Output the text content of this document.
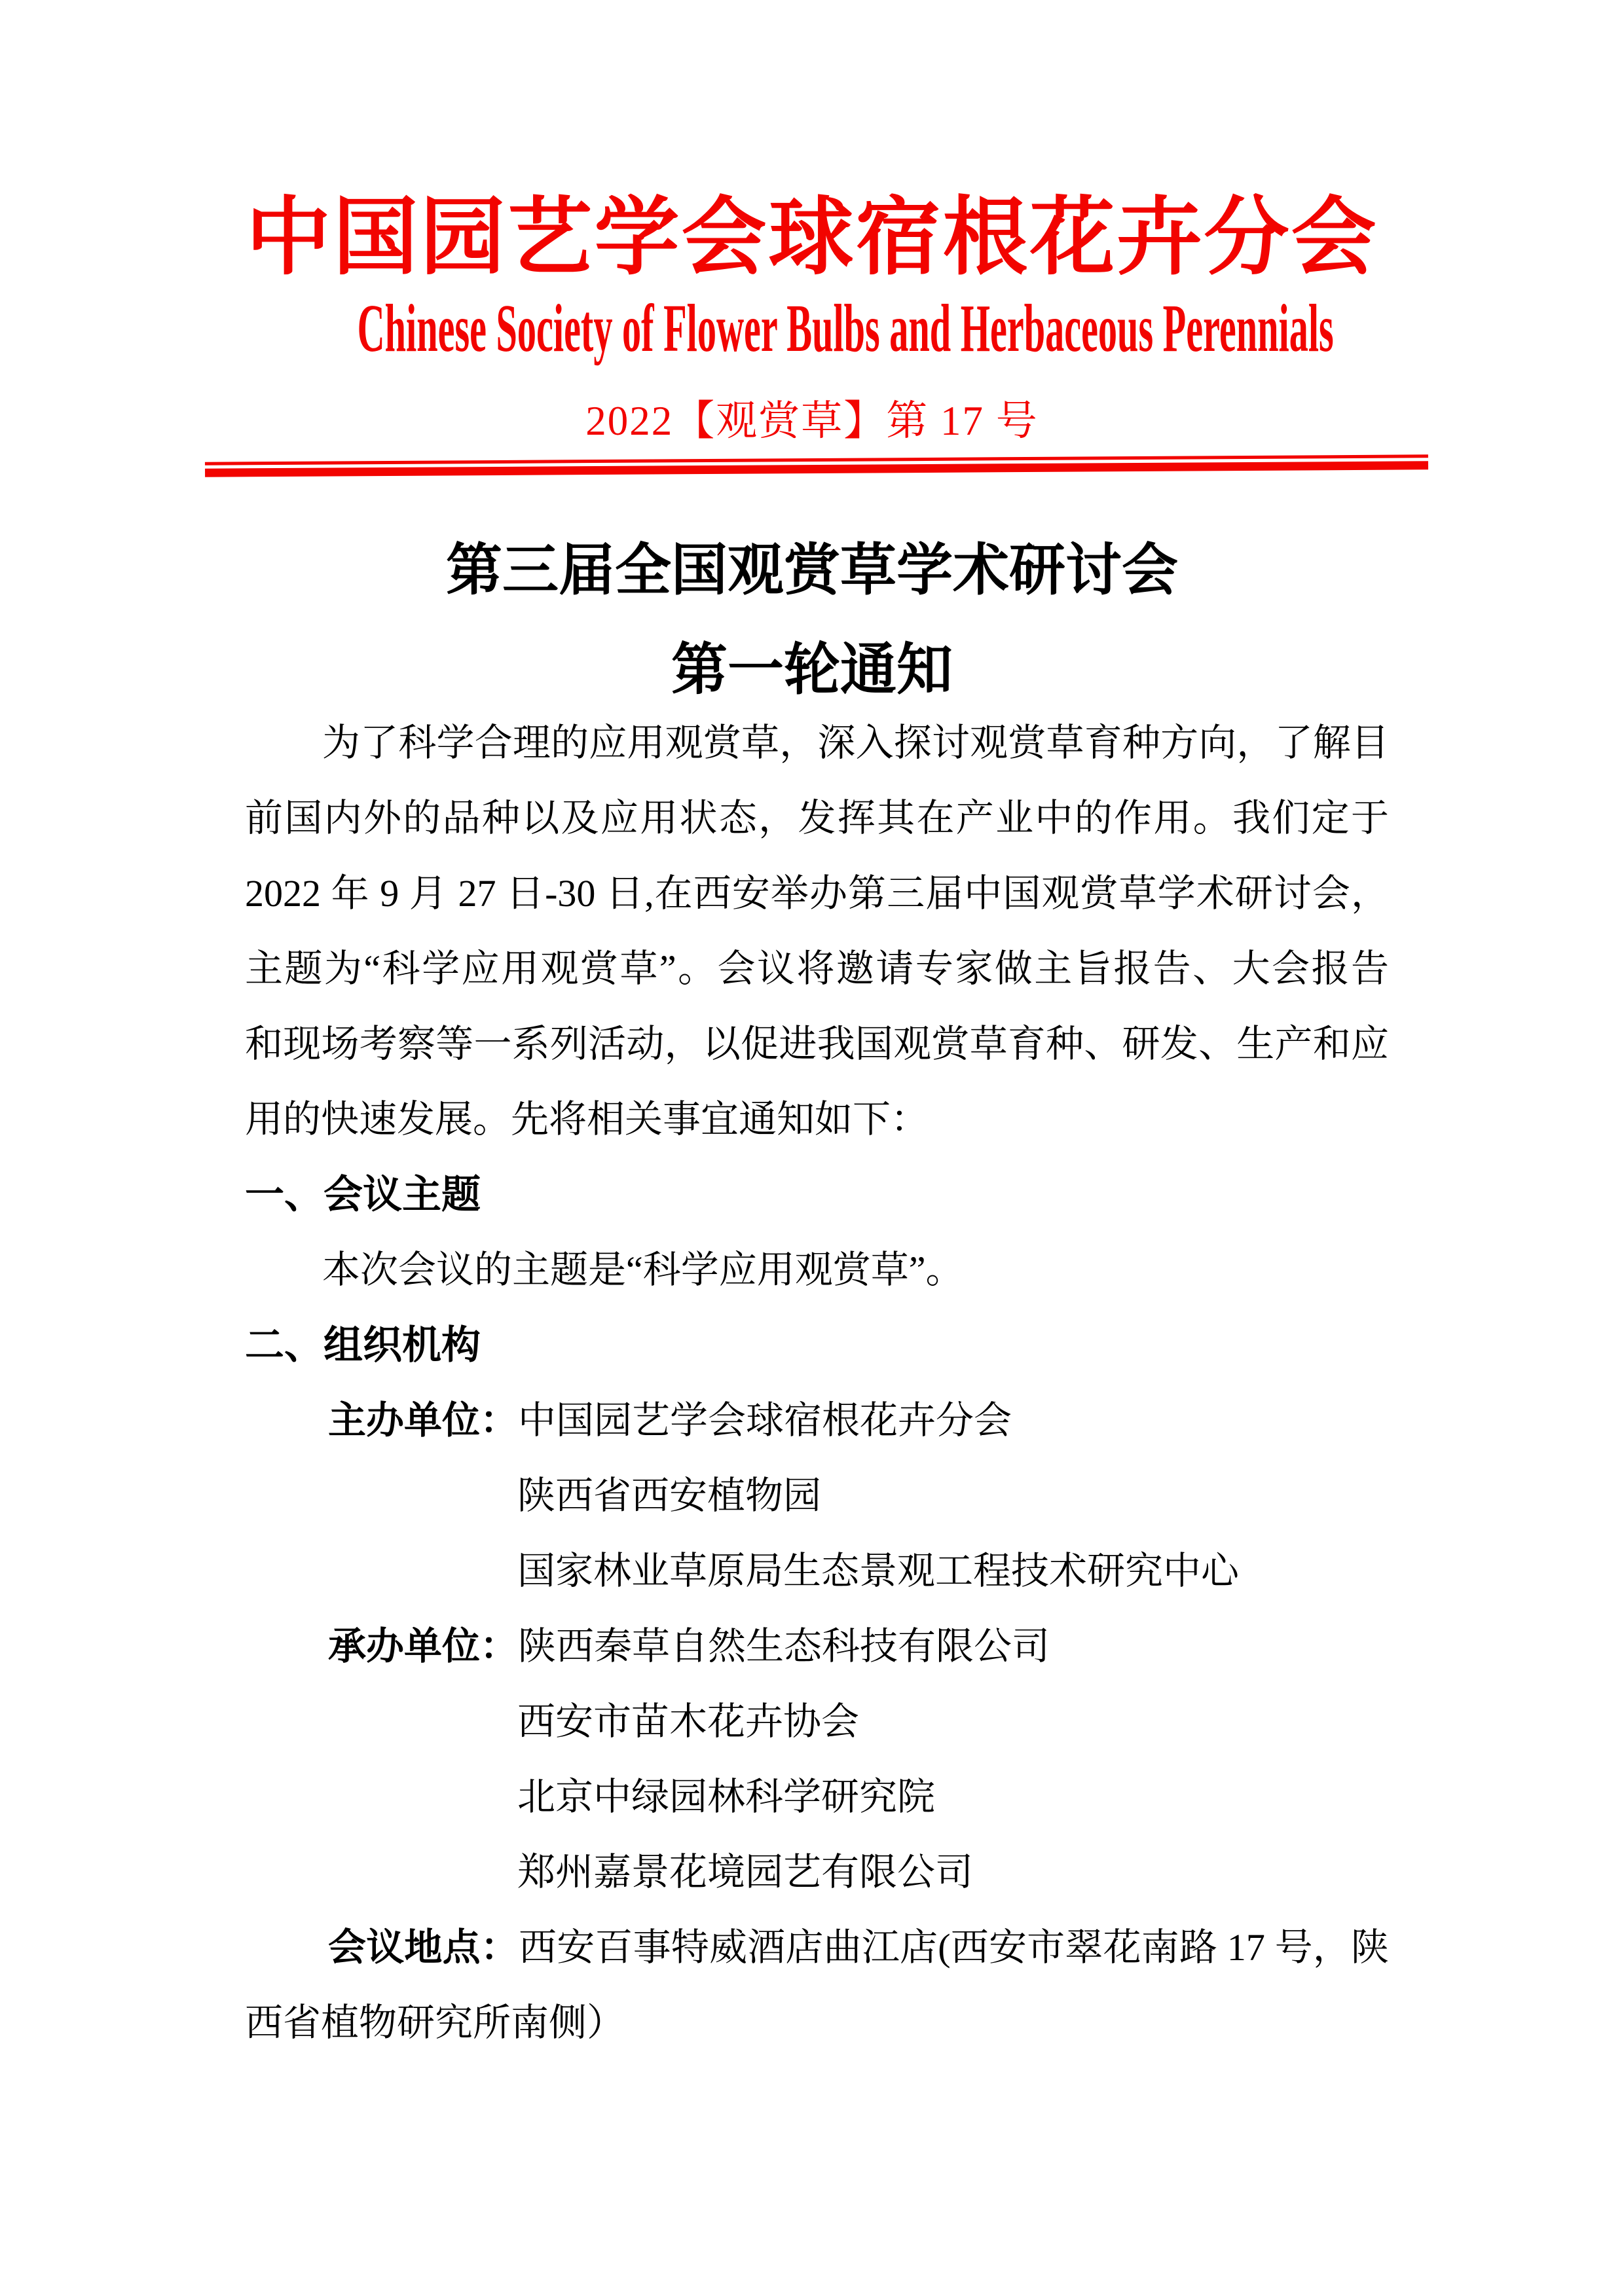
中国园艺学会球宿根花卉分会
Chinese Society of Flower Bulbs and Herbaceous Perennials
2022【观赏草】第 17 号
第三届全国观赏草学术研讨会
第一轮通知
为了科学合理的应用观赏草，深入探讨观赏草育种方向，了解目
前国内外的品种以及应用状态，发挥其在产业中的作用。我们定于
2022 年 9 月 27 日-30 日,在西安举办第三届中国观赏草学术研讨会，
主题为“科学应用观赏草”。会议将邀请专家做主旨报告、大会报告
和现场考察等一系列活动，以促进我国观赏草育种、研发、生产和应
用的快速发展。先将相关事宜通知如下：
一、会议主题
本次会议的主题是“科学应用观赏草”。
二、组织机构
主办单位：中国园艺学会球宿根花卉分会
陕西省西安植物园
国家林业草原局生态景观工程技术研究中心
承办单位：陕西秦草自然生态科技有限公司
西安市苗木花卉协会
北京中绿园林科学研究院
郑州嘉景花境园艺有限公司
会议地点：西安百事特威酒店曲江店(西安市翠花南路 17 号，陕
西省植物研究所南侧）
